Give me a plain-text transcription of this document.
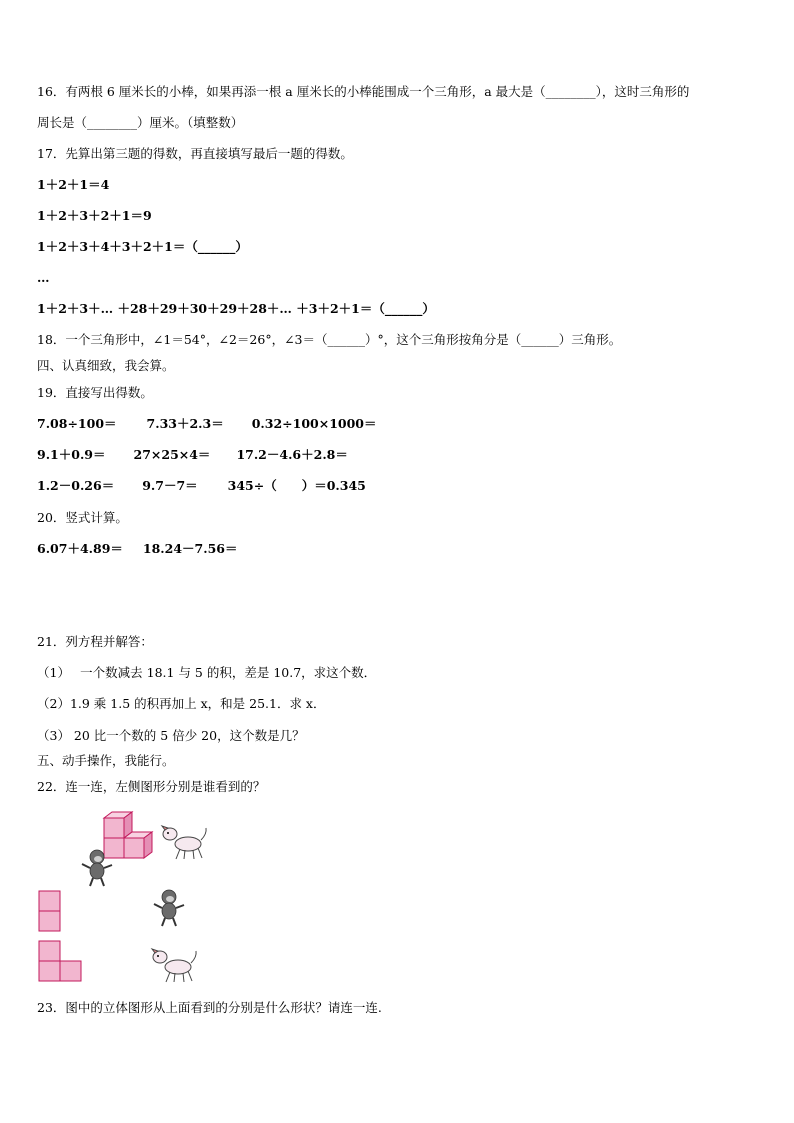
16．有两根 6 厘米长的小棒，如果再添一根 a 厘米长的小棒能围成一个三角形，a 最大是（________），这时三角形的
周长是（________）厘米。（填整数）
17．先算出第三题的得数，再直接填写最后一题的得数。
1＋2＋1＝4
1＋2＋3＋2＋1＝9
1＋2＋3＋4＋3＋2＋1＝（______）
…
1＋2＋3＋… ＋28＋29＋30＋29＋28＋… ＋3＋2＋1＝（______）
18．一个三角形中，∠1＝54°，∠2＝26°，∠3＝（______）°，这个三角形按角分是（______）三角形。
四、认真细致，我会算。
19．直接写出得数。
7.08÷100＝ 7.33＋2.3＝ 0.32÷100×1000＝
9.1＋0.9＝ 27×25×4＝ 17.2－4.6＋2.8＝
1.2－0.26＝ 9.7－7＝ 345÷（　　）＝0.345
20．竖式计算。
6.07＋4.89＝ 18.24－7.56＝
21．列方程并解答：
（1）　 一个数减去 18.1 与 5 的积，差是 10.7，求这个数．
（2）1.9 乘 1.5 的积再加上 x，和是 25.1．求 x．
（3） 20 比一个数的 5 倍少 20，这个数是几？
五、动手操作，我能行。
22．连一连，左侧图形分别是谁看到的？
23．图中的立体图形从上面看到的分别是什么形状？请连一连.
